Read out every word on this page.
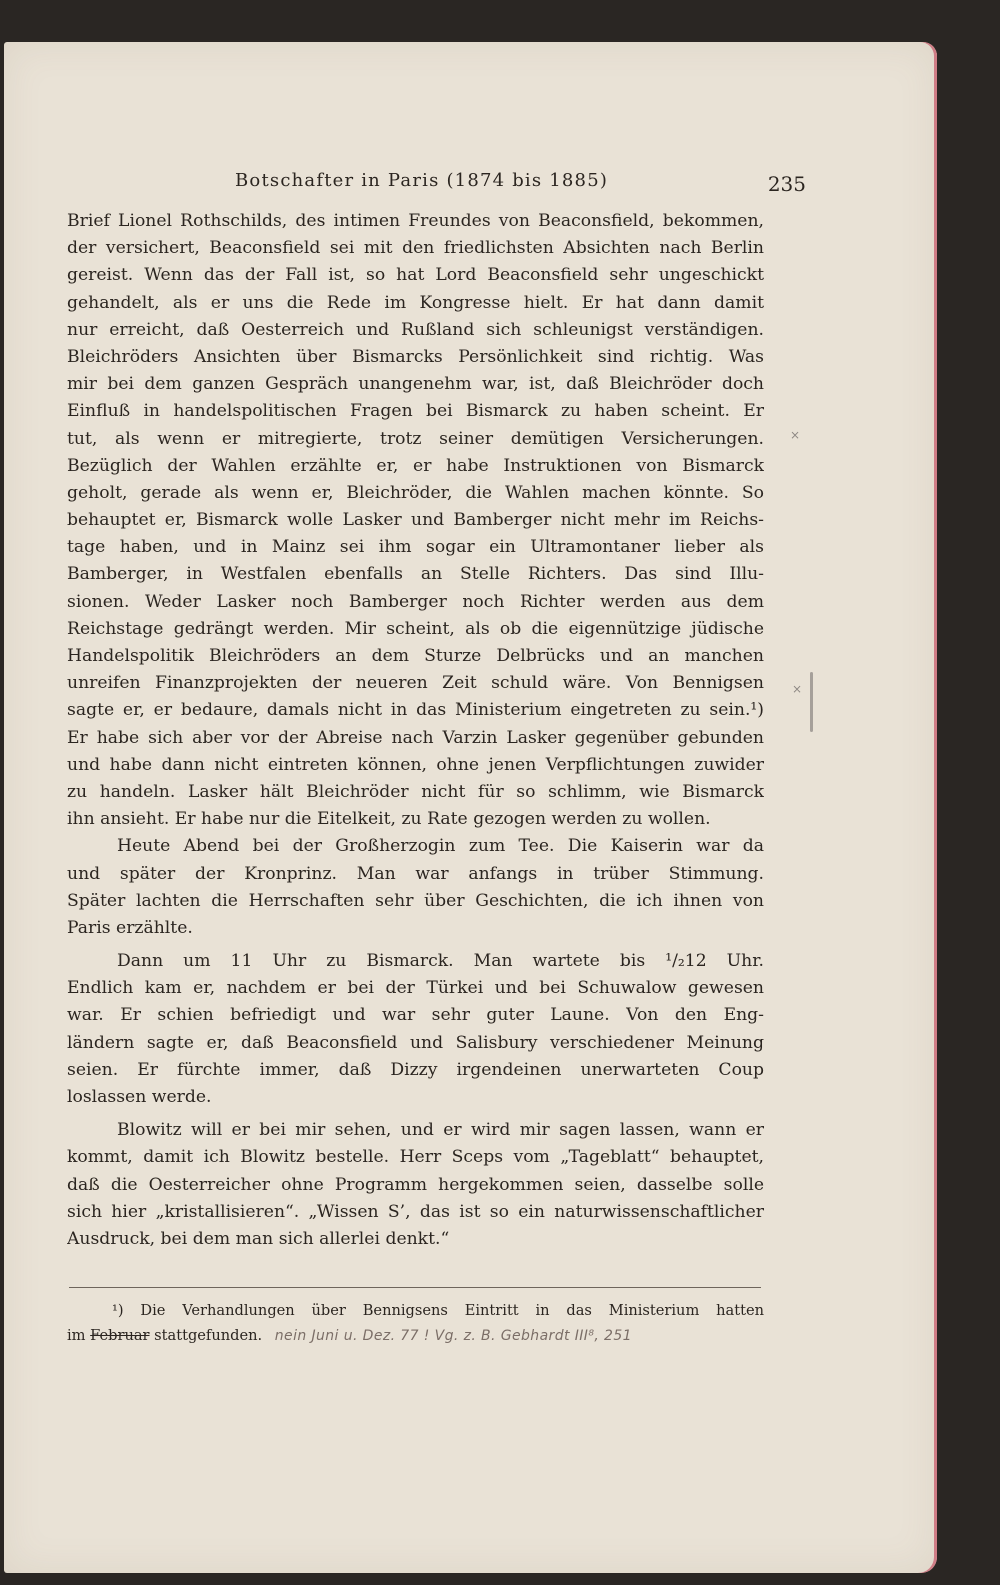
Botschafter in Paris (1874 bis 1885)	235
Brief Lionel Rothschilds, des intimen Freundes von Beaconsfield, bekommen,
der versichert, Beaconsfield sei mit den friedlichsten Absichten nach Berlin
gereist. Wenn das der Fall ist, so hat Lord Beaconsfield sehr ungeschickt
gehandelt, als er uns die Rede im Kongresse hielt. Er hat dann damit
nur erreicht, daß Oesterreich und Rußland sich schleunigst verständigen.
Bleichröders Ansichten über Bismarcks Persönlichkeit sind richtig. Was
mir bei dem ganzen Gespräch unangenehm war, ist, daß Bleichröder doch
Einfluß in handelspolitischen Fragen bei Bismarck zu haben scheint. Er
tut, als wenn er mitregierte, trotz seiner demütigen Versicherungen.
Bezüglich der Wahlen erzählte er, er habe Instruktionen von Bismarck
geholt, gerade als wenn er, Bleichröder, die Wahlen machen könnte. So
behauptet er, Bismarck wolle Lasker und Bamberger nicht mehr im Reichs-
tage haben, und in Mainz sei ihm sogar ein Ultramontaner lieber als
Bamberger, in Westfalen ebenfalls an Stelle Richters. Das sind Illu-
sionen. Weder Lasker noch Bamberger noch Richter werden aus dem
Reichstage gedrängt werden. Mir scheint, als ob die eigennützige jüdische
Handelspolitik Bleichröders an dem Sturze Delbrücks und an manchen
unreifen Finanzprojekten der neueren Zeit schuld wäre. Von Bennigsen
sagte er, er bedaure, damals nicht in das Ministerium eingetreten zu sein.¹)
Er habe sich aber vor der Abreise nach Varzin Lasker gegenüber gebunden
und habe dann nicht eintreten können, ohne jenen Verpflichtungen zuwider
zu handeln. Lasker hält Bleichröder nicht für so schlimm, wie Bismarck
ihn ansieht. Er habe nur die Eitelkeit, zu Rate gezogen werden zu wollen.
Heute Abend bei der Großherzogin zum Tee. Die Kaiserin war da
und später der Kronprinz. Man war anfangs in trüber Stimmung.
Später lachten die Herrschaften sehr über Geschichten, die ich ihnen von
Paris erzählte.
Dann um 11 Uhr zu Bismarck. Man wartete bis ¹/₂12 Uhr.
Endlich kam er, nachdem er bei der Türkei und bei Schuwalow gewesen
war. Er schien befriedigt und war sehr guter Laune. Von den Eng-
ländern sagte er, daß Beaconsfield und Salisbury verschiedener Meinung
seien. Er fürchte immer, daß Dizzy irgendeinen unerwarteten Coup
loslassen werde.
Blowitz will er bei mir sehen, und er wird mir sagen lassen, wann er
kommt, damit ich Blowitz bestelle. Herr Sceps vom „Tageblatt“ behauptet,
daß die Oesterreicher ohne Programm hergekommen seien, dasselbe solle
sich hier „kristallisieren“. „Wissen S’, das ist so ein naturwissenschaftlicher
Ausdruck, bei dem man sich allerlei denkt.“
¹) Die Verhandlungen über Bennigsens Eintritt in das Ministerium hatten
im Februar stattgefunden. nein Juni u. Dez. 77 ! Vg. z. B. Gebhardt III⁸, 251
×
×
